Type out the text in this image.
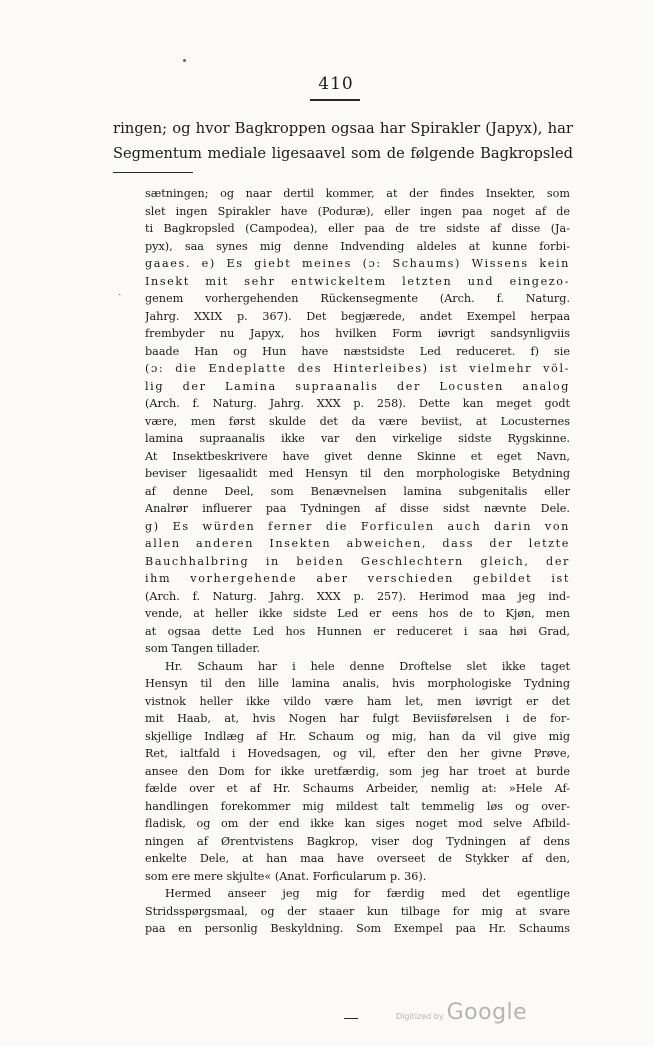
410
ringen; og hvor Bagkroppen ogsaa har Spirakler (Japyx), har
Segmentum mediale ligesaavel som de følgende Bagkropsled
ˎ
sætningen; og naar dertil kommer, at der findes Insekter, som
slet ingen Spirakler have (Poduræ), eller ingen paa noget af de
ti Bagkropsled (Campodea), eller paa de tre sidste af disse (Ja-
pyx), saa synes mig denne Indvending aldeles at kunne forbi-
gaaes. e) Es giebt meines (ɔ: Schaums) Wissens kein
Insekt mit sehr entwickeltem letzten und eingezo-
genem vorhergehenden Rückensegmente (Arch. f. Naturg.
Jahrg. XXIX p. 367). Det begjærede, andet Exempel herpaa
frembyder nu Japyx, hos hvilken Form iøvrigt sandsynligviis
baade Han og Hun have næstsidste Led reduceret. f) sie
(ɔ: die Endeplatte des Hinterleibes) ist vielmehr völ-
lig der Lamina supraanalis der Locusten analog
(Arch. f. Naturg. Jahrg. XXX p. 258). Dette kan meget godt
være, men først skulde det da være beviist, at Locusternes
lamina supraanalis ikke var den virkelige sidste Rygskinne.
At Insektbeskrivere have givet denne Skinne et eget Navn,
beviser ligesaalidt med Hensyn til den morphologiske Betydning
af denne Deel, som Benævnelsen lamina subgenitalis eller
Analrør influerer paa Tydningen af disse sidst nævnte Dele.
g) Es würden ferner die Forficulen auch darin von
allen anderen Insekten abweichen, dass der letzte
Bauchhalbring in beiden Geschlechtern gleich, der
ihm vorhergehende aber verschieden gebildet ist
(Arch. f. Naturg. Jahrg. XXX p. 257). Herimod maa jeg ind-
vende, at heller ikke sidste Led er eens hos de to Kjøn, men
at ogsaa dette Led hos Hunnen er reduceret i saa høi Grad,
som Tangen tillader.
Hr. Schaum har i hele denne Droftelse slet ikke taget
Hensyn til den lille lamina analis, hvis morphologiske Tydning
vistnok heller ikke vildo være ham let, men iøvrigt er det
mit Haab, at, hvis Nogen har fulgt Beviisførelsen i de for-
skjellige Indlæg af Hr. Schaum og mig, han da vil give mig
Ret, ialtfald i Hovedsagen, og vil, efter den her givne Prøve,
ansee den Dom for ikke uretfærdig, som jeg har troet at burde
fælde over et af Hr. Schaums Arbeider, nemlig at: »Hele Af-
handlingen forekommer mig mildest talt temmelig løs og over-
fladisk, og om der end ikke kan siges noget mod selve Afbild-
ningen af Ørentvistens Bagkrop, viser dog Tydningen af dens
enkelte Dele, at han maa have overseet de Stykker af den,
som ere mere skjulte« (Anat. Forficularum p. 36).
Hermed anseer jeg mig for færdig med det egentlige
Stridsspørgsmaal, og der staaer kun tilbage for mig at svare
paa en personlig Beskyldning. Som Exempel paa Hr. Schaums
Digitized by Google
